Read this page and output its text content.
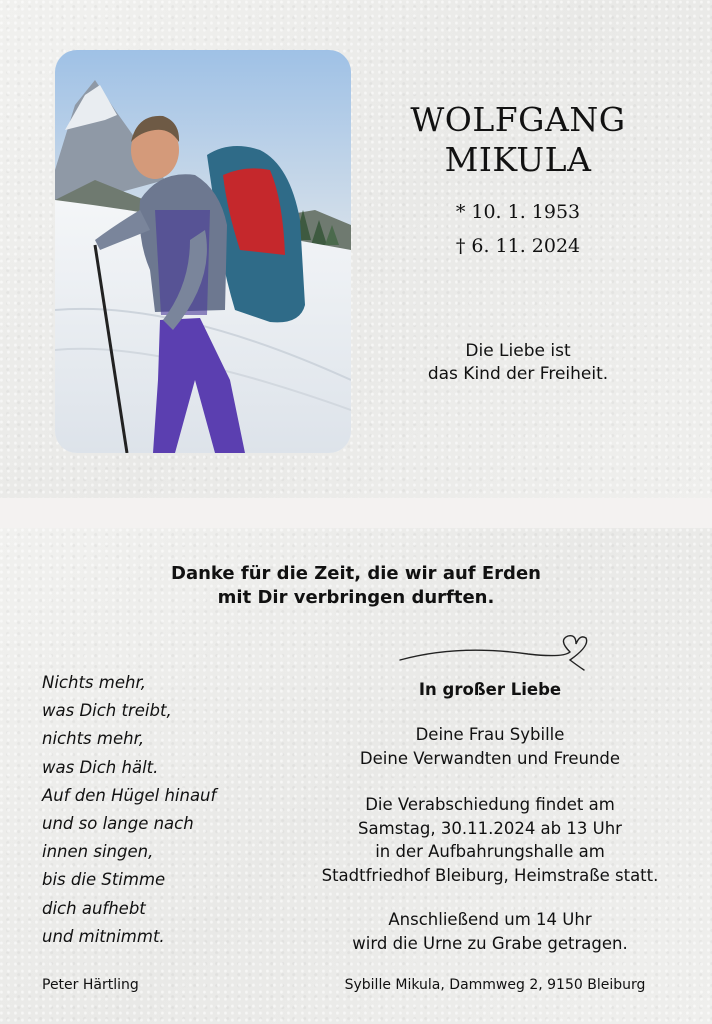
WOLFGANG
MIKULA
* 10. 1. 1953
† 6. 11. 2024
Die Liebe ist
das Kind der Freiheit.
Danke für die Zeit, die wir auf Erden
mit Dir verbringen durften.
Nichts mehr,
was Dich treibt,
nichts mehr,
was Dich hält.
Auf den Hügel hinauf
und so lange nach
innen singen,
bis die Stimme
dich aufhebt
und mitnimmt.
Peter Härtling
In großer Liebe
Deine Frau Sybille
Deine Verwandten und Freunde
Die Verabschiedung findet am
Samstag, 30.11.2024 ab 13 Uhr
in der Aufbahrungshalle am
Stadtfriedhof Bleiburg, Heimstraße statt.
Anschließend um 14 Uhr
wird die Urne zu Grabe getragen.
Sybille Mikula, Dammweg 2, 9150 Bleiburg
